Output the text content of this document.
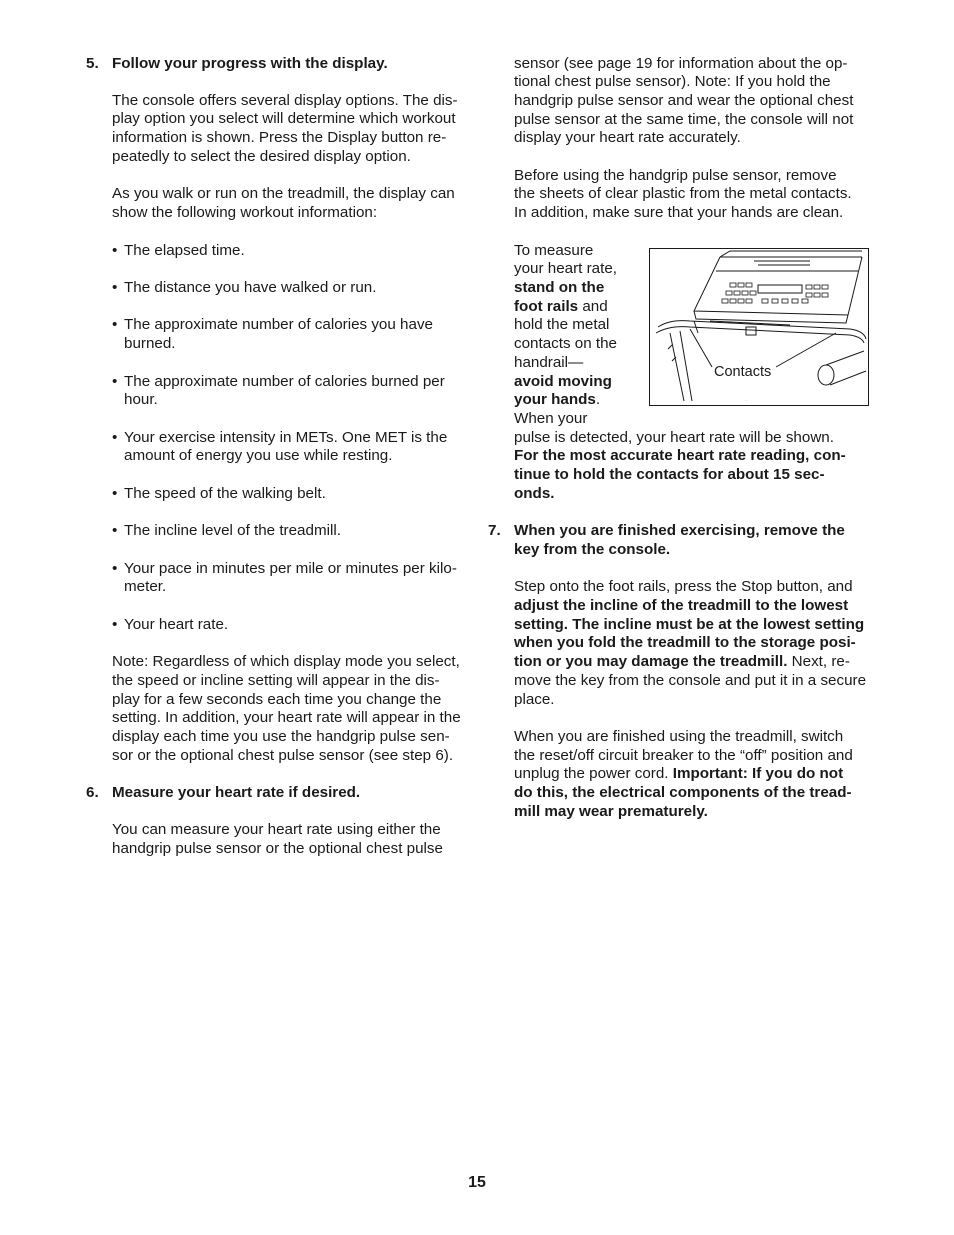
5. Follow your progress with the display.
The console offers several display options. The dis-
play option you select will determine which workout
information is shown. Press the Display button re-
peatedly to select the desired display option.
As you walk or run on the treadmill, the display can
show the following workout information:
• The elapsed time.
• The distance you have walked or run.
• The approximate number of calories you have
burned.
• The approximate number of calories burned per
hour.
• Your exercise intensity in METs. One MET is the
amount of energy you use while resting.
• The speed of the walking belt.
• The incline level of the treadmill.
• Your pace in minutes per mile or minutes per kilo-
meter.
• Your heart rate.
Note: Regardless of which display mode you select,
the speed or incline setting will appear in the dis-
play for a few seconds each time you change the
setting. In addition, your heart rate will appear in the
display each time you use the handgrip pulse sen-
sor or the optional chest pulse sensor (see step 6).
6. Measure your heart rate if desired.
You can measure your heart rate using either the
handgrip pulse sensor or the optional chest pulse
sensor (see page 19 for information about the op-
tional chest pulse sensor). Note: If you hold the
handgrip pulse sensor and wear the optional chest
pulse sensor at the same time, the console will not
display your heart rate accurately.
Before using the handgrip pulse sensor, remove
the sheets of clear plastic from the metal contacts.
In addition, make sure that your hands are clean.
To measure
your heart rate,
stand on the
foot rails and
hold the metal
contacts on the
handrail—
avoid moving
your hands.
When your
pulse is detected, your heart rate will be shown.
For the most accurate heart rate reading, con-
tinue to hold the contacts for about 15 sec-
onds.
..
Contacts
7. When you are finished exercising, remove the
key from the console.
Step onto the foot rails, press the Stop button, and
adjust the incline of the treadmill to the lowest
setting. The incline must be at the lowest setting
when you fold the treadmill to the storage posi-
tion or you may damage the treadmill. Next, re-
move the key from the console and put it in a secure
place.
When you are finished using the treadmill, switch
the reset/off circuit breaker to the “off” position and
unplug the power cord. Important: If you do not
do this, the electrical components of the tread-
mill may wear prematurely.
15
